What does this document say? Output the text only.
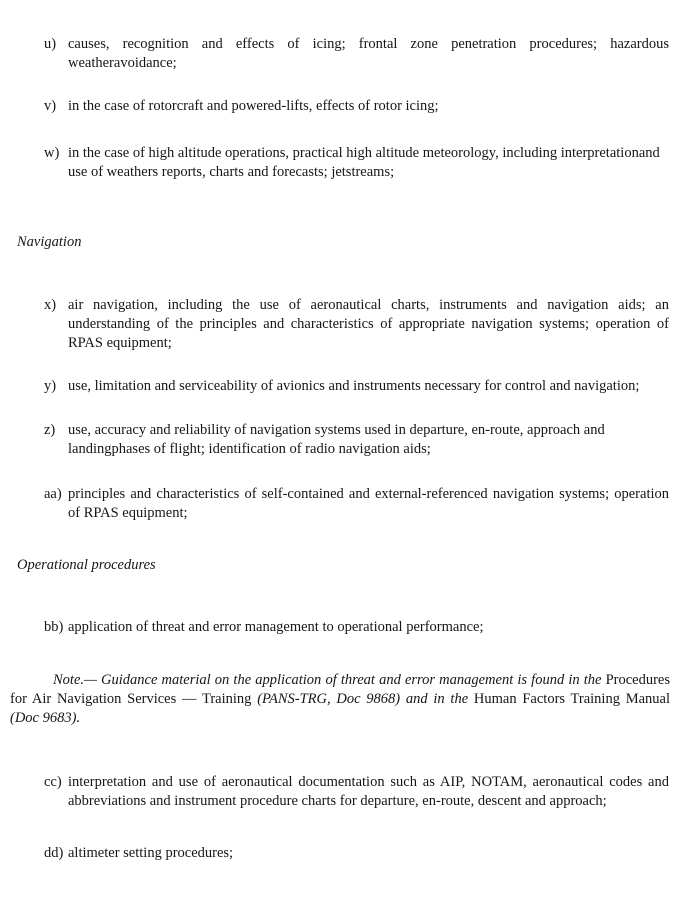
u) causes, recognition and effects of icing; frontal zone penetration procedures; hazardous weatheravoidance;
v) in the case of rotorcraft and powered-lifts, effects of rotor icing;
w) in the case of high altitude operations, practical high altitude meteorology, including interpretationand use of weathers reports, charts and forecasts; jetstreams;
Navigation
x) air navigation, including the use of aeronautical charts, instruments and navigation aids; an understanding of the principles and characteristics of appropriate navigation systems; operation of RPAS equipment;
y) use, limitation and serviceability of avionics and instruments necessary for control and navigation;
z) use, accuracy and reliability of navigation systems used in departure, en-route, approach and landingphases of flight; identification of radio navigation aids;
aa) principles and characteristics of self-contained and external-referenced navigation systems; operation of RPAS equipment;
Operational procedures
bb) application of threat and error management to operational performance;

Note.— Guidance material on the application of threat and error management is found in the Procedures for Air Navigation Services — Training (PANS-TRG, Doc 9868) and in the Human Factors Training Manual (Doc 9683).

cc) interpretation and use of aeronautical documentation such as AIP, NOTAM, aeronautical codes and abbreviations and instrument procedure charts for departure, en-route, descent and approach;
dd) altimeter setting procedures;
